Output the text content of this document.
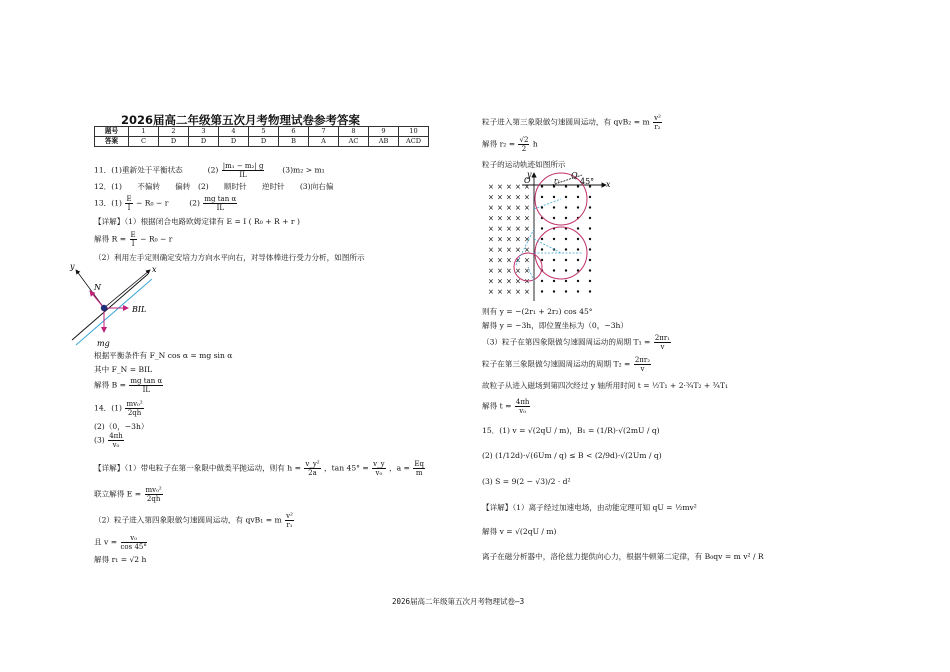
2026届高二年级第五次月考物理试卷参考答案
题号	1	2	3	4	5	6	7	8	9	10
答案	C	D	D	D	D	B	A	AC	AB	ACD
11．(1)重新处于平衡状态	$(2) \frac{\text{|m₁ − m₂| g}}{IL} (3)m_2 > m_1$
12．(1)　　不偏转　　偏转　(2)　　顺时针　　逆时针　　(3)向右偏
13．$(1) \frac{E}{I} - R_0 - r$	$(2) \frac{\text{mg tan α}}{IL}$
【详解】（1）根据闭合电路欧姆定律有 E = I ( R₀ + R + r )
解得 $R = \frac{E}{I} - R_0 - r$
（2）利用左手定则确定安培力方向水平向右，对导体棒进行受力分析，如图所示
y	x
N
BIL
mg
根据平衡条件有 F_N cos α = mg sin α
其中 F_N = BIL
解得 $B = \frac{\text{mg tan α}}{IL}$
14．$(1) \frac{\text{mv₀²}}{2qh}$
(2)（0，−3h）
$(3) \frac{4\pi h}{\text{v₀}}$
【详解】（1）带电粒子在第一象限中做类平抛运动，则有 $h = \frac{\text{v\_y²}}{2a}$ ，$\tan 45^\circ = \frac{v\_y}{\text{v₀}}$ ，$a = \frac{Eq}{m}$
联立解得 $E = \frac{\text{mv₀²}}{2qh}$
（2）粒子进入第四象限做匀速圆周运动，有 qvB₁ = m $\frac{\text{v²}}{\text{r₁}}$
且 $v = \frac{\text{v₀}}{\cos 45^\circ}$
解得 r₁ = √2 h
粒子进入第三象限做匀速圆周运动，有 qvB₂ = m $\frac{\text{v²}}{\text{r₂}}$
解得 $r_2 = \frac{√2}{2}$ h
粒子的运动轨迹如图所示
× × × × ×
× × × × ×
× × × × ×
× × × × ×
× × × × ×
× × × × ×
× × × × ×
× × × × ×
× × × × ×
× × × × ×
× × × × ×
y
O	r₁
Q
45° x
则有 y = −(2r₁ + 2r₂) cos 45°
解得 y = −3h，即位置坐标为（0，−3h）
（3）粒子在第四象限做匀速圆周运动的周期 $T_1 = \frac{\text{2πr₁}}{v}$
粒子在第三象限做匀速圆周运动的周期 $T_2 = \frac{\text{2πr₂}}{v}$
故粒子从进入磁场到第四次经过 y 轴所用时间 t = ½T₁ + 2·¾T₂ + ¾T₁
解得 $t = \frac{4\pi h}{\text{v₀}}$
15．(1) v = √(2qU / m)，B₁ = (1/R)·√(2mU / q)
(2) (1/12d)·√(6Um / q) ≤ B < (2/9d)·√(2Um / q)
(3) S = 9(2 − √3)/2 · d²
【详解】（1）离子经过加速电场，由动能定理可知 qU = ½mv²
解得 v = √(2qU / m)
离子在磁分析器中，洛伦兹力提供向心力，根据牛顿第二定律，有 B₀qv = m v² / R
2026届高二年级第五次月考物理试卷—3
